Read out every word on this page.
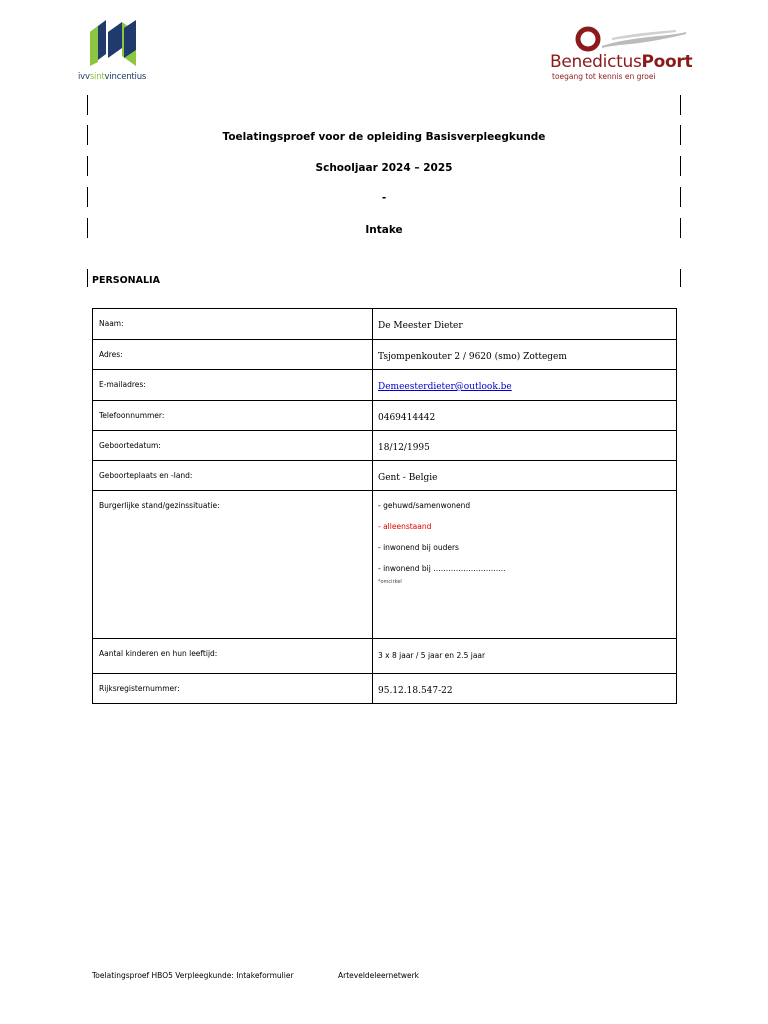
ivvsintvincentius
BenedictusPoort
toegang tot kennis en groei
Toelatingsproef voor de opleiding Basisverpleegkunde
Schooljaar 2024 – 2025
-
Intake
PERSONALIA
Naam:	De Meester Dieter
Adres:	Tsjompenkouter 2 / 9620 (smo) Zottegem
E-mailadres:	Demeesterdieter@outlook.be
Telefoonnummer:	0469414442
Geboortedatum:	18/12/1995
Geboorteplaats en -land:	Gent - Belgie
Burgerlijke stand/gezinssituatie:	- gehuwd/samenwonend
- alleenstaand
- inwonend bij ouders
- inwonend bij ………………………..
*omcirkel

Aantal kinderen en hun leeftijd:	3 x 8 jaar / 5 jaar en 2.5 jaar
Rijksregisternummer:	95.12.18.547-22
Toelatingsproef HBO5 Verpleegkunde: Intakeformulier	Arteveldeleernetwerk
